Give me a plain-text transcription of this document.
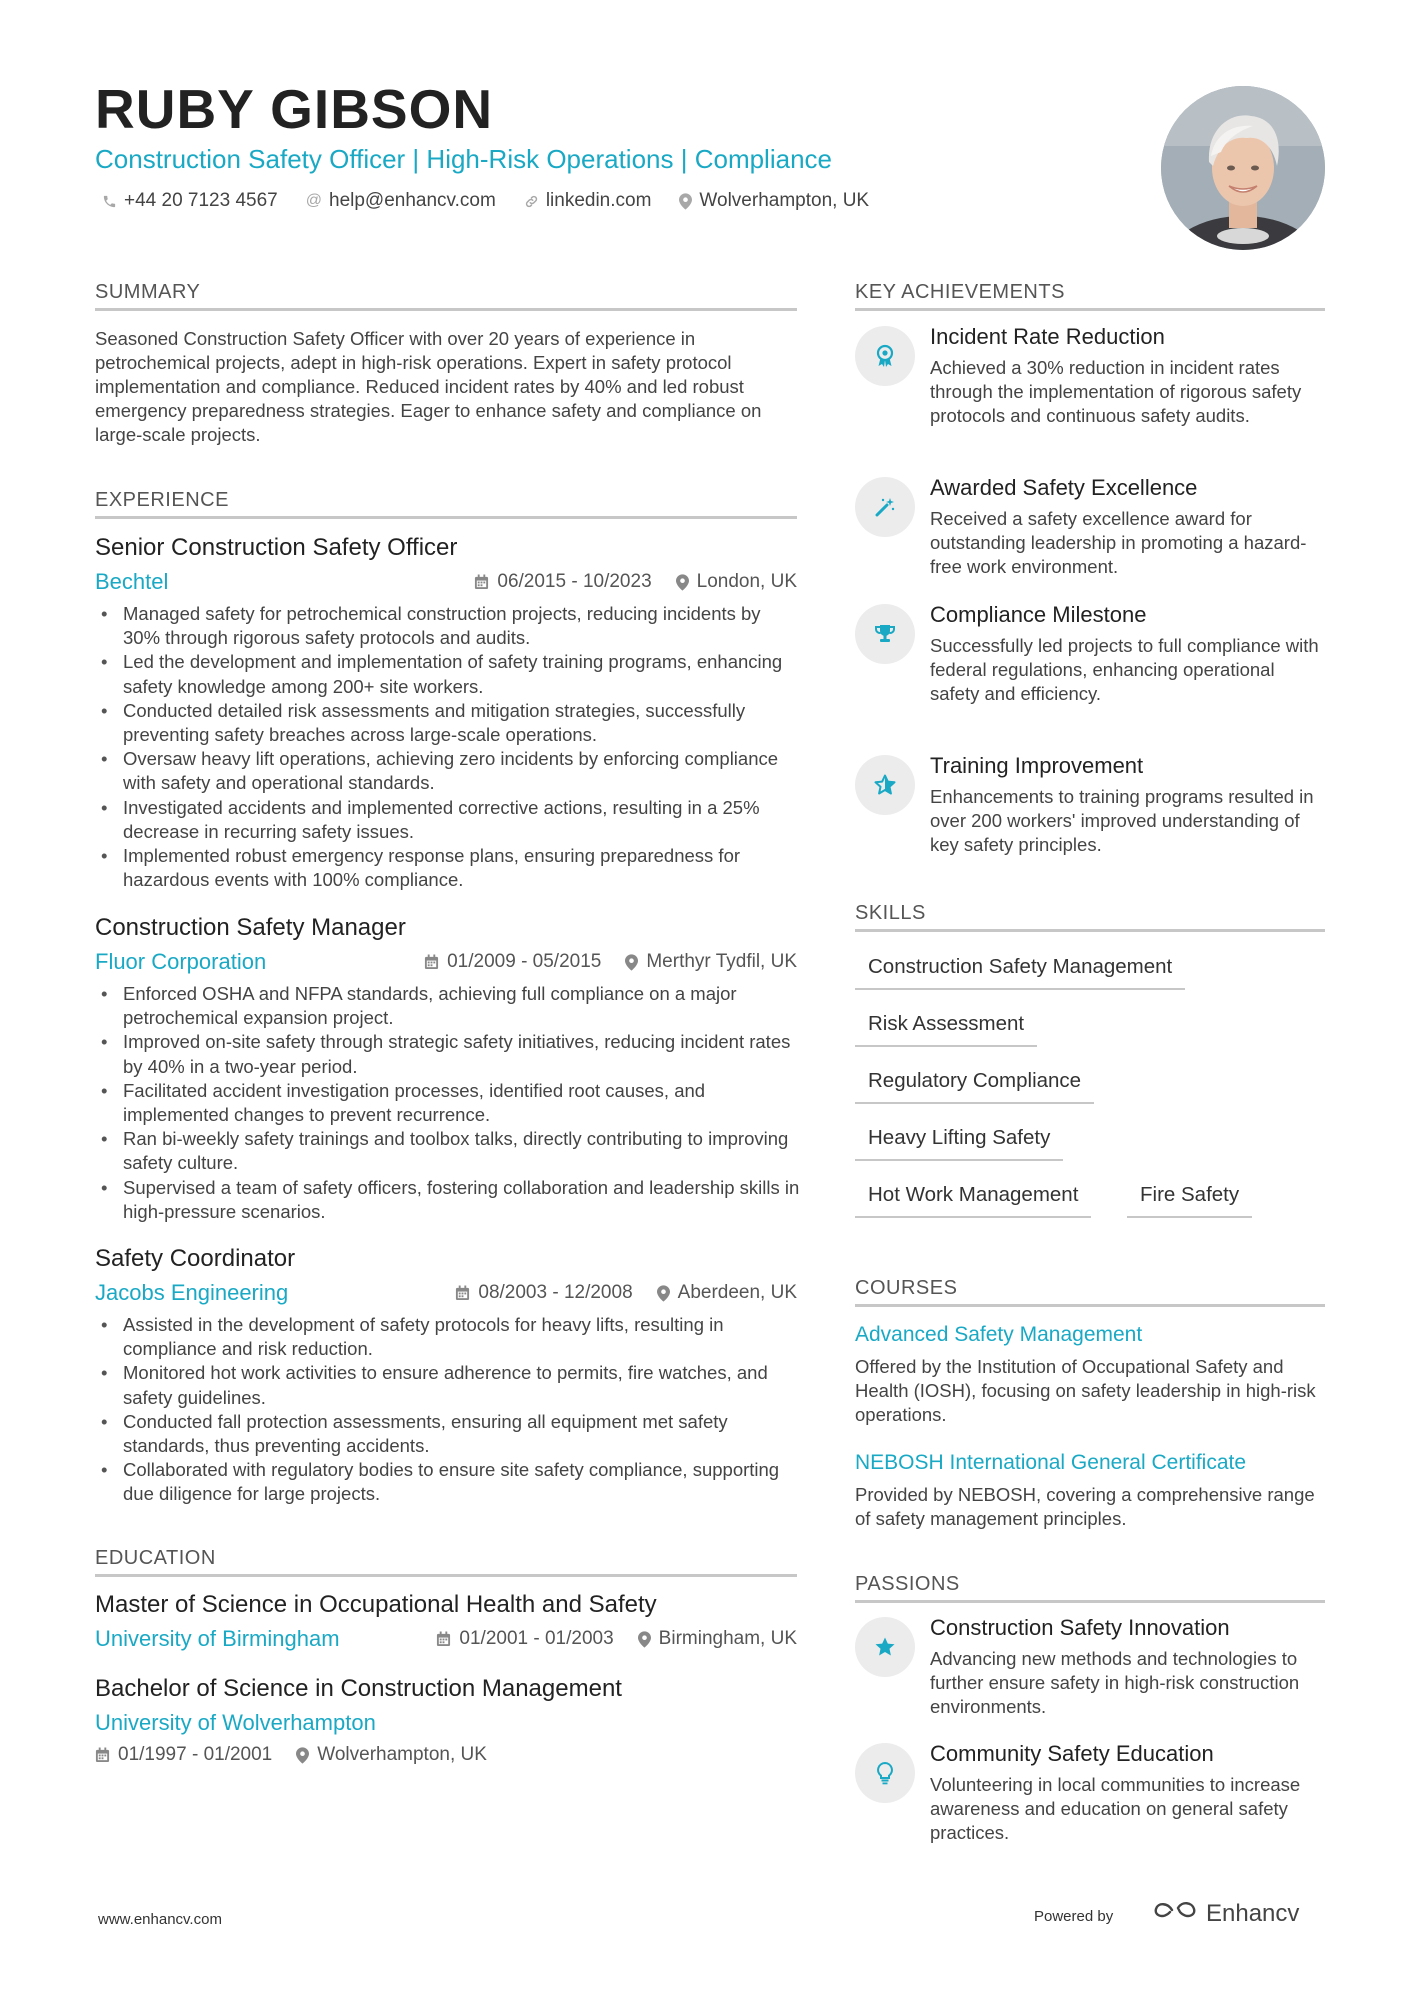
RUBY GIBSON
Construction Safety Officer | High-Risk Operations | Compliance
+44 20 7123 4567 @ help@enhancv.com	linkedin.com	Wolverhampton, UK
SUMMARY
Seasoned Construction Safety Officer with over 20 years of experience in petrochemical projects, adept in high-risk operations. Expert in safety protocol implementation and compliance. Reduced incident rates by 40% and led robust emergency preparedness strategies. Eager to enhance safety and compliance on large-scale projects.
EXPERIENCE
Senior Construction Safety Officer
Bechtel	06/2015 - 10/2023 London, UK
• Managed safety for petrochemical construction projects, reducing incidents by 30% through rigorous safety protocols and audits.
• Led the development and implementation of safety training programs, enhancing safety knowledge among 200+ site workers.
• Conducted detailed risk assessments and mitigation strategies, successfully preventing safety breaches across large-scale operations.
• Oversaw heavy lift operations, achieving zero incidents by enforcing compliance with safety and operational standards.
• Investigated accidents and implemented corrective actions, resulting in a 25% decrease in recurring safety issues.
• Implemented robust emergency response plans, ensuring preparedness for hazardous events with 100% compliance.
Construction Safety Manager
Fluor Corporation	01/2009 - 05/2015 Merthyr Tydfil, UK
• Enforced OSHA and NFPA standards, achieving full compliance on a major petrochemical expansion project.
• Improved on-site safety through strategic safety initiatives, reducing incident rates by 40% in a two-year period.
• Facilitated accident investigation processes, identified root causes, and implemented changes to prevent recurrence.
• Ran bi-weekly safety trainings and toolbox talks, directly contributing to improving safety culture.
• Supervised a team of safety officers, fostering collaboration and leadership skills in high-pressure scenarios.
Safety Coordinator
Jacobs Engineering	08/2003 - 12/2008 Aberdeen, UK
• Assisted in the development of safety protocols for heavy lifts, resulting in compliance and risk reduction.
• Monitored hot work activities to ensure adherence to permits, fire watches, and safety guidelines.
• Conducted fall protection assessments, ensuring all equipment met safety standards, thus preventing accidents.
• Collaborated with regulatory bodies to ensure site safety compliance, supporting due diligence for large projects.
EDUCATION
Master of Science in Occupational Health and Safety
University of Birmingham	01/2001 - 01/2003 Birmingham, UK
Bachelor of Science in Construction Management
University of Wolverhampton
01/1997 - 01/2001 Wolverhampton, UK
KEY ACHIEVEMENTS
Incident Rate Reduction
Achieved a 30% reduction in incident rates through the implementation of rigorous safety protocols and continuous safety audits.
Awarded Safety Excellence
Received a safety excellence award for outstanding leadership in promoting a hazard-free work environment.
Compliance Milestone
Successfully led projects to full compliance with federal regulations, enhancing operational safety and efficiency.
Training Improvement
Enhancements to training programs resulted in over 200 workers' improved understanding of key safety principles.
SKILLS
Construction Safety Management
Risk Assessment
Regulatory Compliance
Heavy Lifting Safety
Hot Work Management	Fire Safety
COURSES
Advanced Safety Management
Offered by the Institution of Occupational Safety and Health (IOSH), focusing on safety leadership in high-risk operations.
NEBOSH International General Certificate
Provided by NEBOSH, covering a comprehensive range of safety management principles.
PASSIONS
Construction Safety Innovation
Advancing new methods and technologies to further ensure safety in high-risk construction environments.
Community Safety Education
Volunteering in local communities to increase awareness and education on general safety practices.
www.enhancv.com	Powered by	Enhancv
